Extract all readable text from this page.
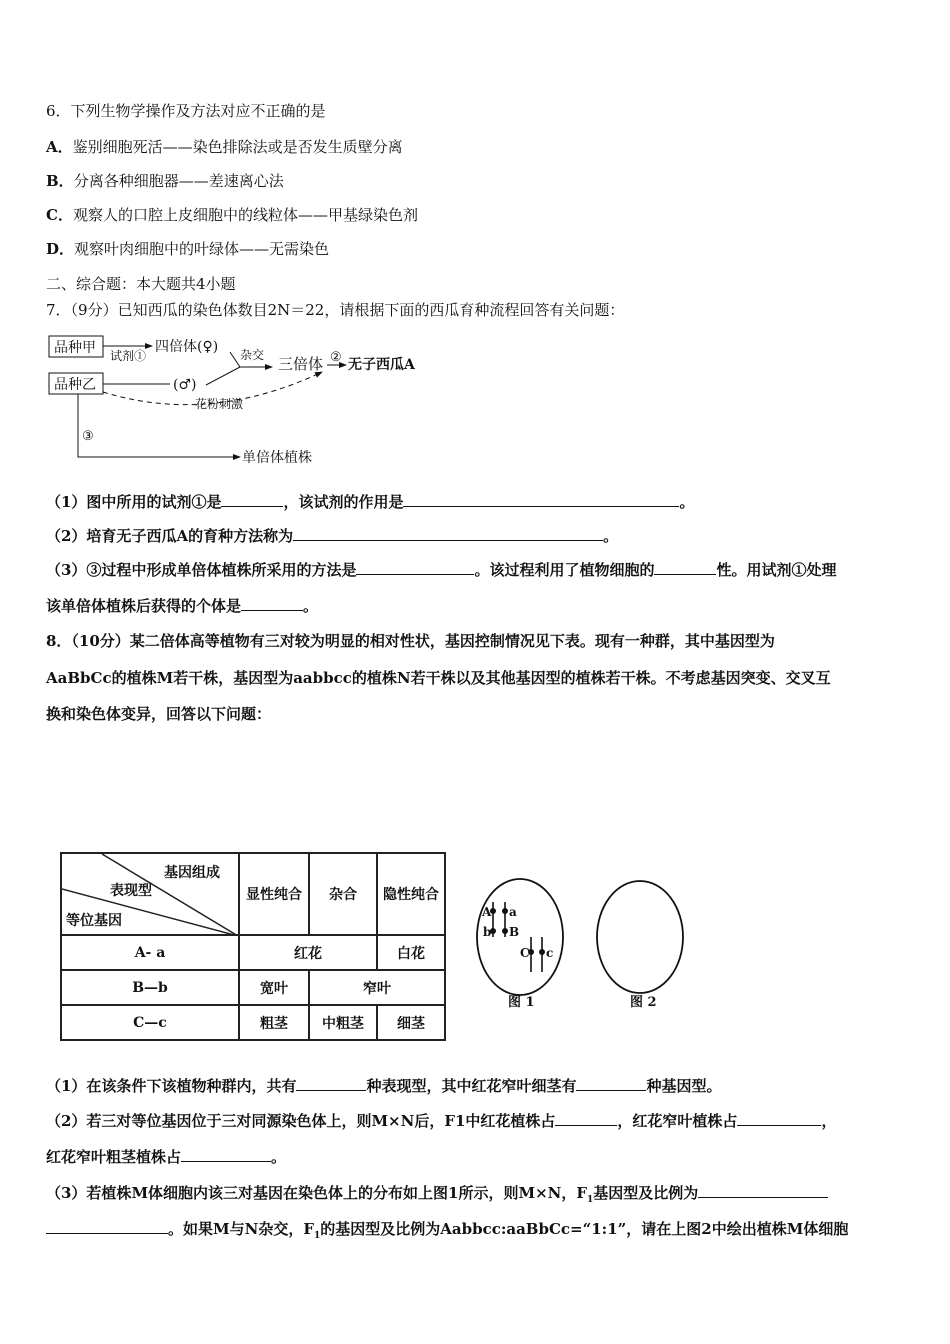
6．下列生物学操作及方法对应不正确的是
A．鉴别细胞死活——染色排除法或是否发生质壁分离
B．分离各种细胞器——差速离心法
C．观察人的口腔上皮细胞中的线粒体——甲基绿染色剂
D．观察叶肉细胞中的叶绿体——无需染色
二、综合题：本大题共4小题
7．（9分）已知西瓜的染色体数目2N＝22，请根据下面的西瓜育种流程回答有关问题：
品种甲
品种乙
试剂①
四倍体(♀)
(♂)
杂交 三倍体 ② 无子西瓜A
花粉刺激
③
单倍体植株
（1）图中所用的试剂①是	，该试剂的作用是	。
（2）培育无子西瓜A的育种方法称为	。
（3）③过程中形成单倍体植株所采用的方法是	。该过程利用了植物细胞的	性。用试剂①处理
该单倍体植株后获得的个体是	。
8．（10分）某二倍体高等植物有三对较为明显的相对性状，基因控制情况见下表。现有一种群，其中基因型为
AaBbCc的植株M若干株，基因型为aabbcc的植株N若干株以及其他基因型的植株若干株。不考虑基因突变、交叉互
换和染色体变异，回答以下问题：
基因组成
表现型
等位基因	显性纯合	杂合	隐性纯合
A- a	红花		白花
B—b	宽叶	窄叶	
C—c	粗茎	中粗茎	细茎
A a
b B
C c
图 1	图 2
（1）在该条件下该植物种群内，共有	种表现型，其中红花窄叶细茎有	种基因型。
（2）若三对等位基因位于三对同源染色体上，则M×N后，F1中红花植株占	，红花窄叶植株占	，
红花窄叶粗茎植株占	。
（3）若植株M体细胞内该三对基因在染色体上的分布如上图1所示，则M×N，$F_1$基因型及比例为
。如果M与N杂交，$F_1$的基因型及比例为Aabbcc:aaBbCc=“1:1”，请在上图2中绘出植株M体细胞
